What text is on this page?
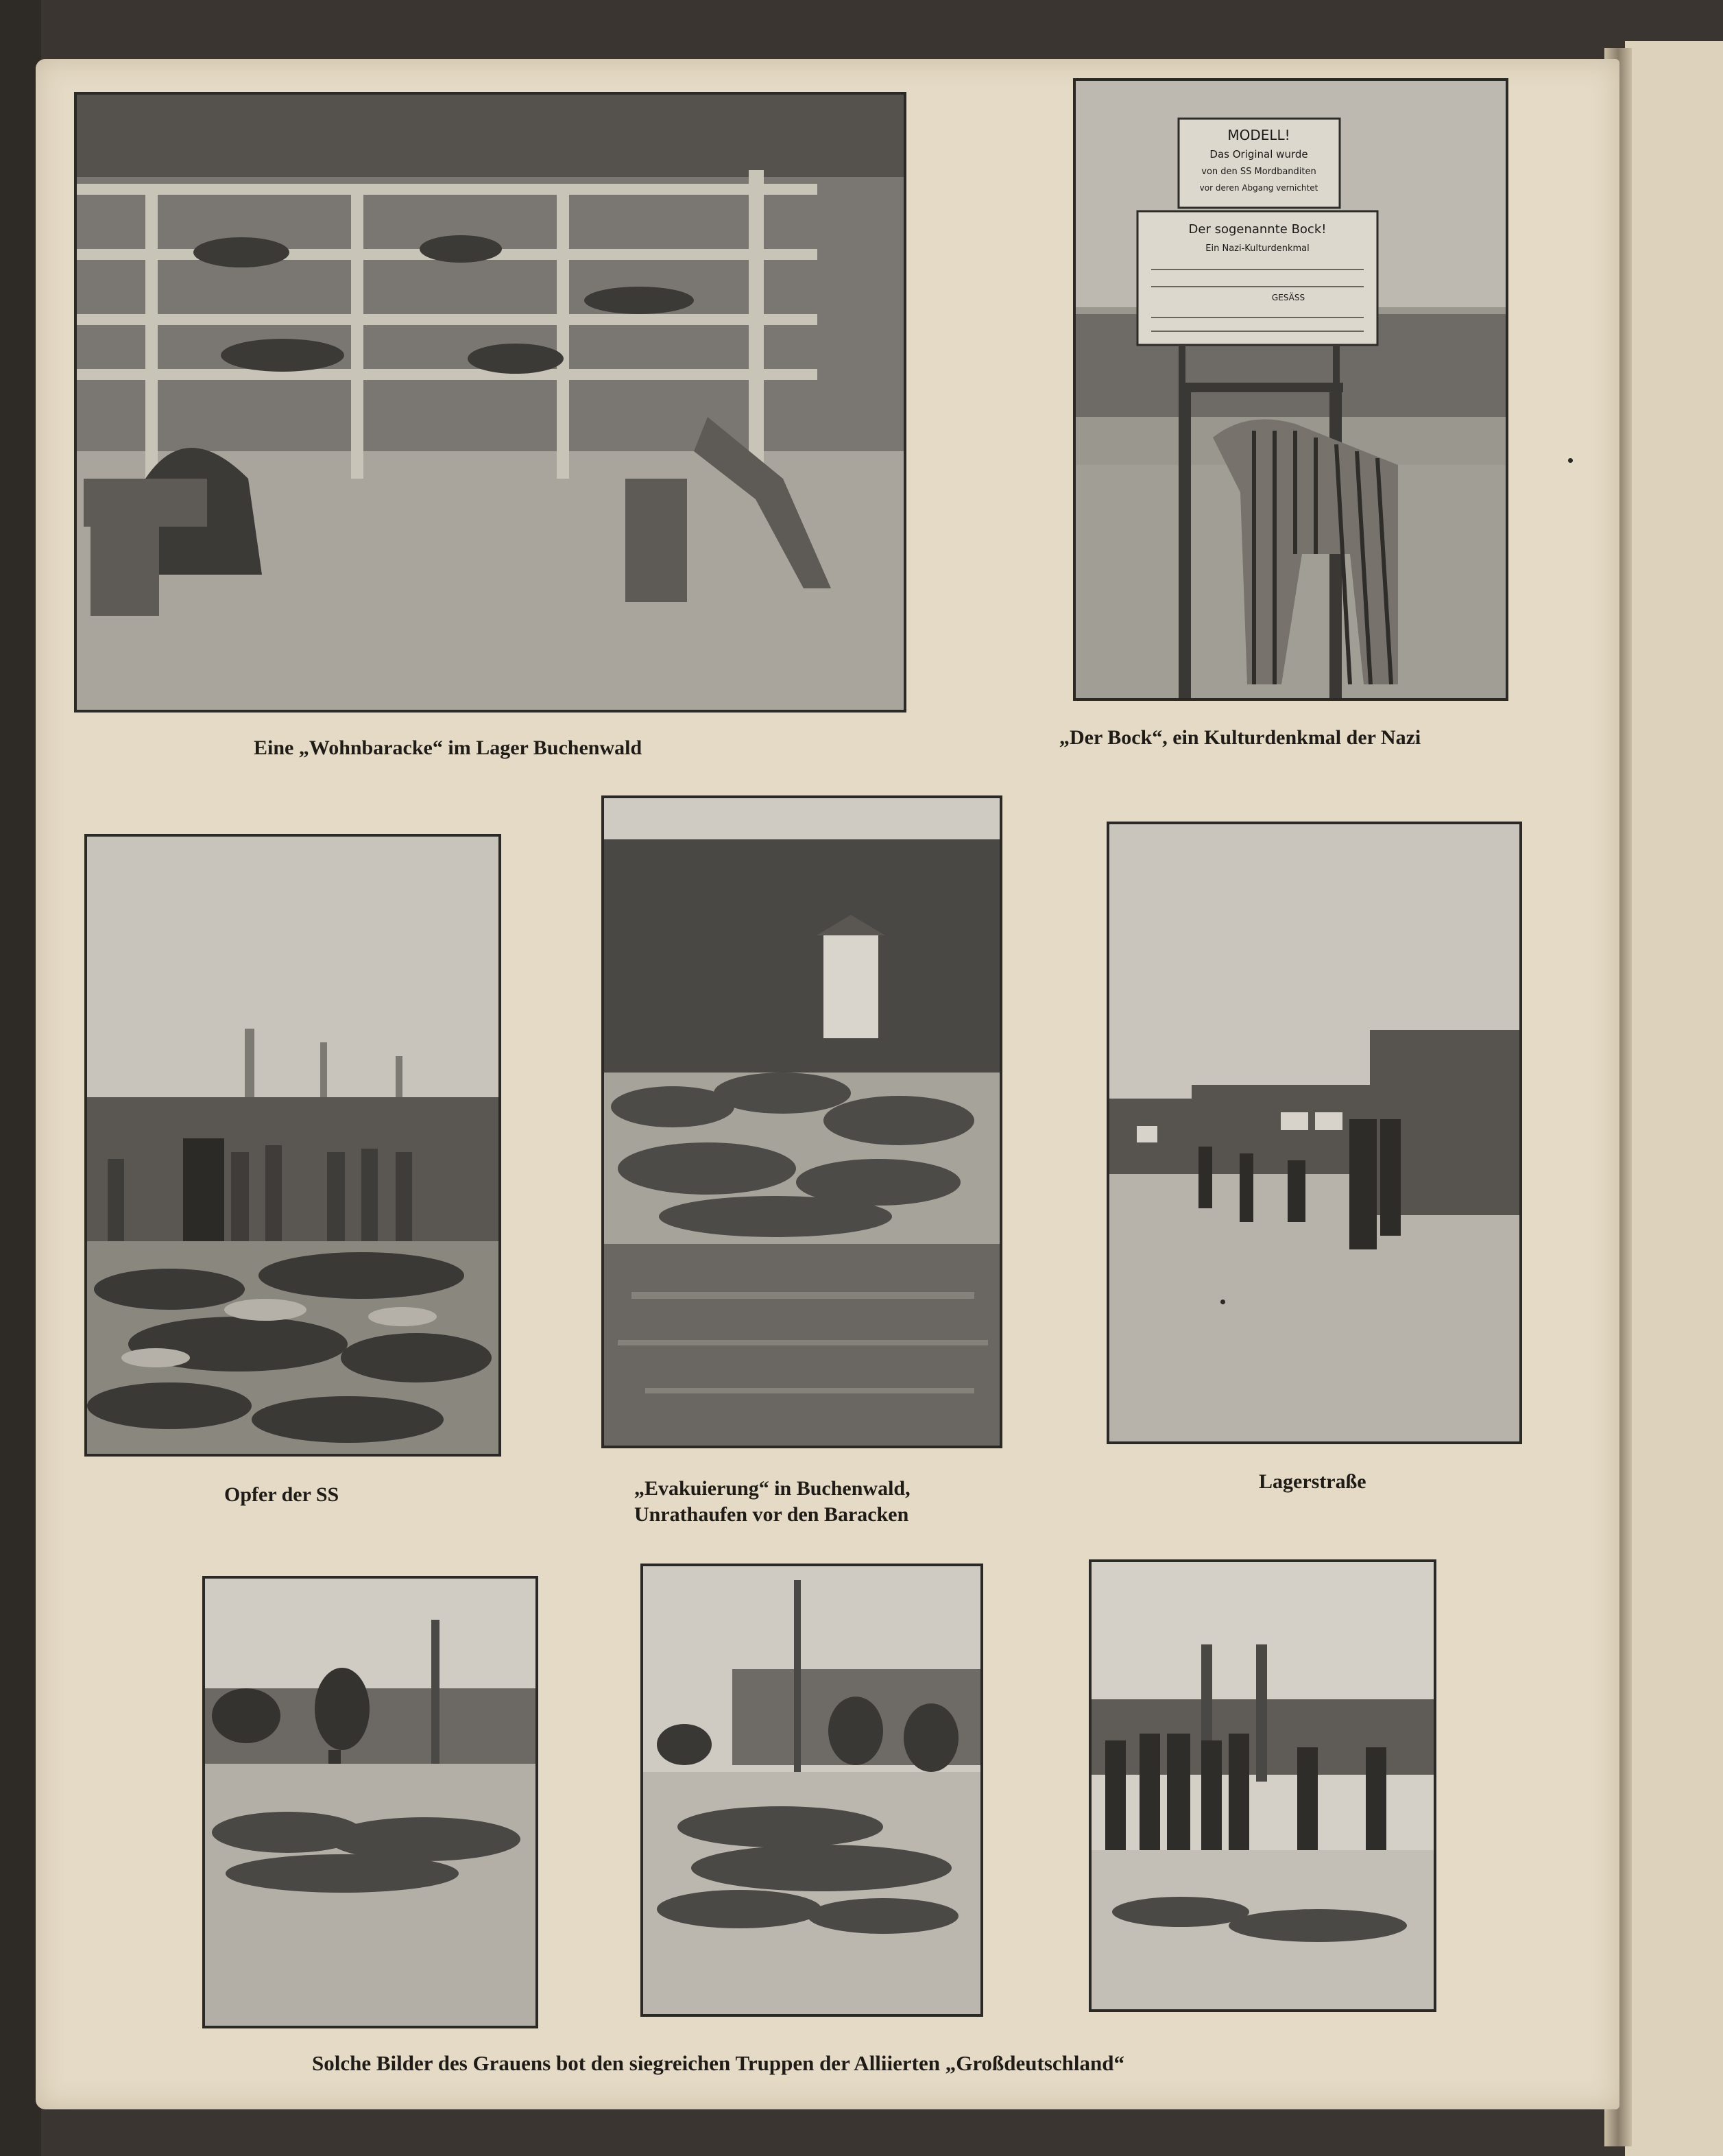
Eine „Wohnbaracke“ im Lager Buchenwald
MODELL!
Das Original wurde
von den SS Mordbanditen
vor deren Abgang vernichtet
Der sogenannte Bock!
Ein Nazi-Kulturdenkmal
GESÄSS
„Der Bock“, ein Kulturdenkmal der Nazi
Opfer der SS	„Evakuierung“ in Buchenwald,
Unrathaufen vor den Baracken
Lagerstraße
Solche Bilder des Grauens bot den siegreichen Truppen der Alliierten „Großdeutschland“
